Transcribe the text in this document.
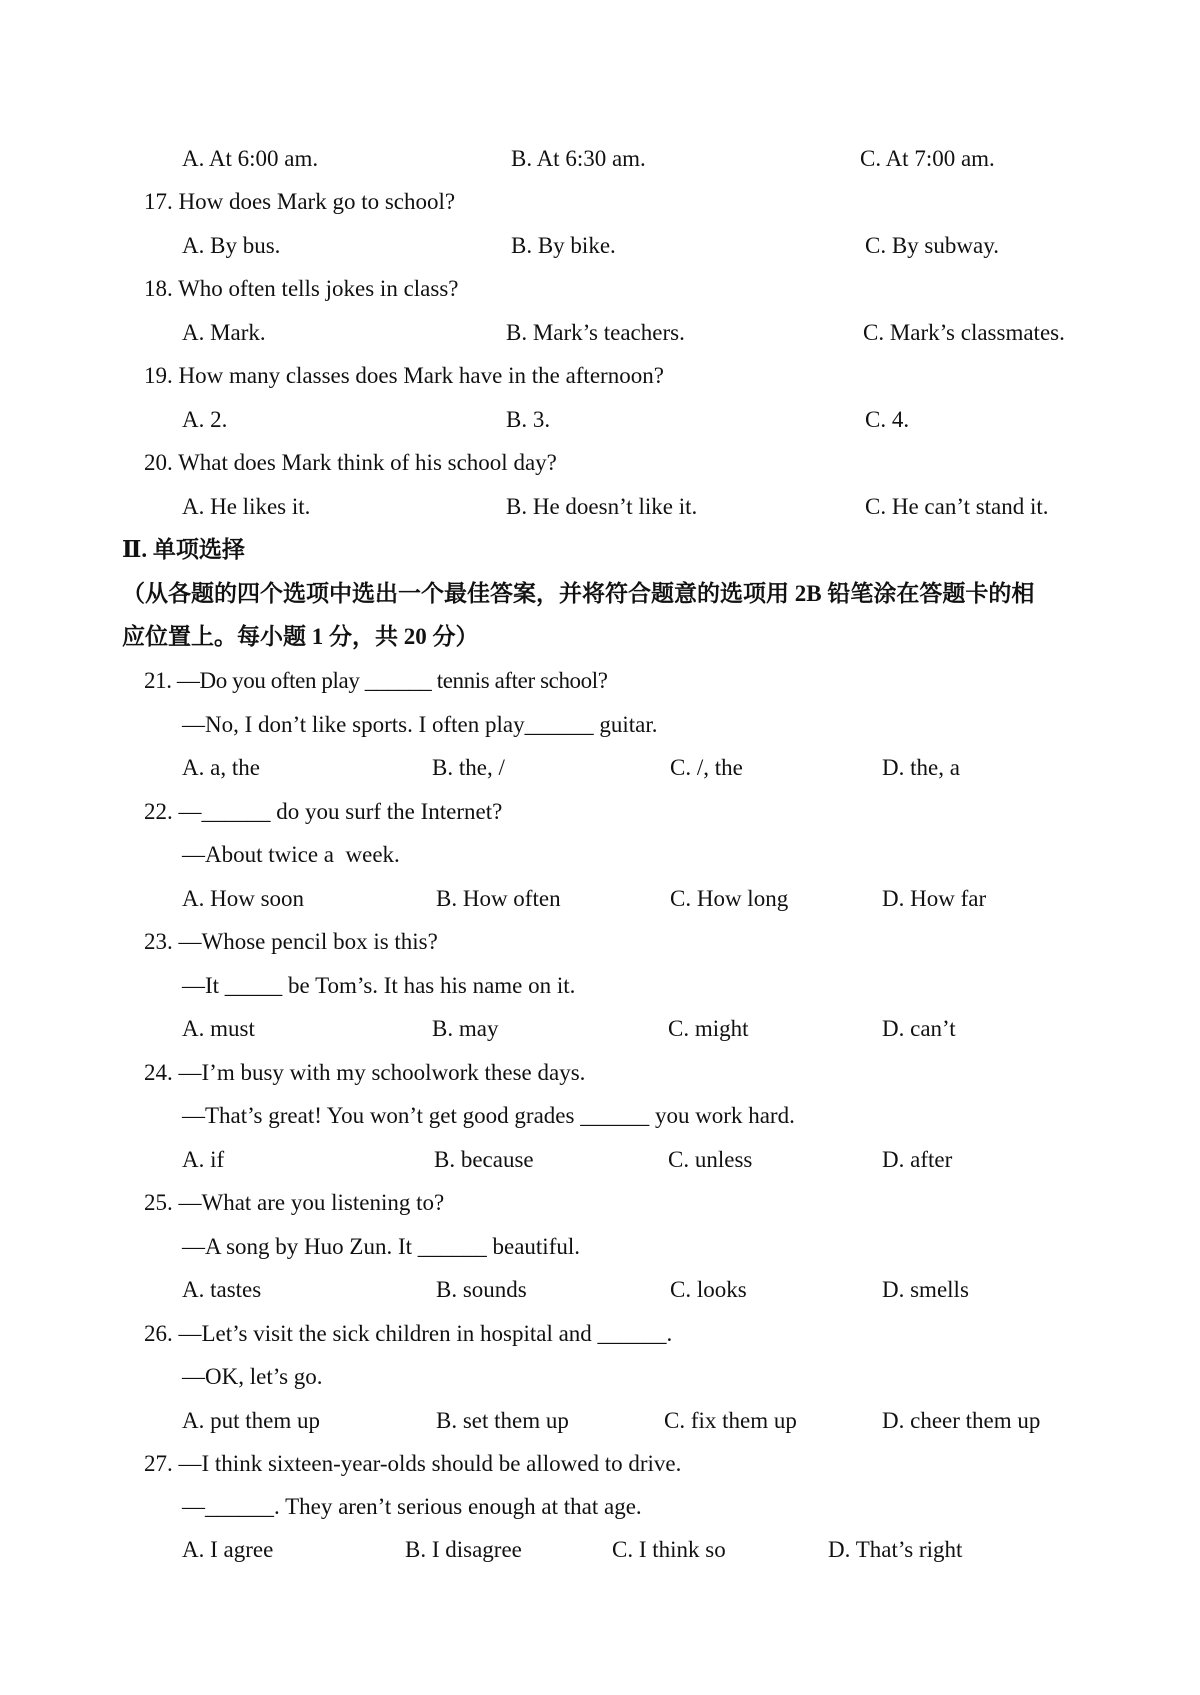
A. At 6:00 am.	B. At 6:30 am.	C. At 7:00 am.
17. How does Mark go to school?
A. By bus.	B. By bike.	C. By subway.
18. Who often tells jokes in class?
A. Mark.	B. Mark’s teachers.	C. Mark’s classmates.
19. How many classes does Mark have in the afternoon?
A. 2.	B. 3.	C. 4.
20. What does Mark think of his school day?
A. He likes it.	B. He doesn’t like it.	C. He can’t stand it.
Ⅱ. 单项选择
（从各题的四个选项中选出一个最佳答案，并将符合题意的选项用 2B 铅笔涂在答题卡的相
应位置上。每小题 1 分，共 20 分）
21. —Do you often play ______ tennis after school?
—No, I don’t like sports. I often play______ guitar.
A. a, the	B. the, /	C. /, the	D. the, a
22. —______ do you surf the Internet?
—About twice a  week.
A. How soon	B. How often	C. How long	D. How far
23. —Whose pencil box is this?
—It _____ be Tom’s. It has his name on it.
A. must	B. may	C. might	D. can’t
24. —I’m busy with my schoolwork these days.
—That’s great! You won’t get good grades ______ you work hard.
A. if	B. because	C. unless	D. after
25. —What are you listening to?
—A song by Huo Zun. It ______ beautiful.
A. tastes	B. sounds	C. looks	D. smells
26. —Let’s visit the sick children in hospital and ______.
—OK, let’s go.
A. put them up	B. set them up	C. fix them up	D. cheer them up
27. —I think sixteen-year-olds should be allowed to drive.
—______. They aren’t serious enough at that age.
A. I agree	B. I disagree	C. I think so	D. That’s right
